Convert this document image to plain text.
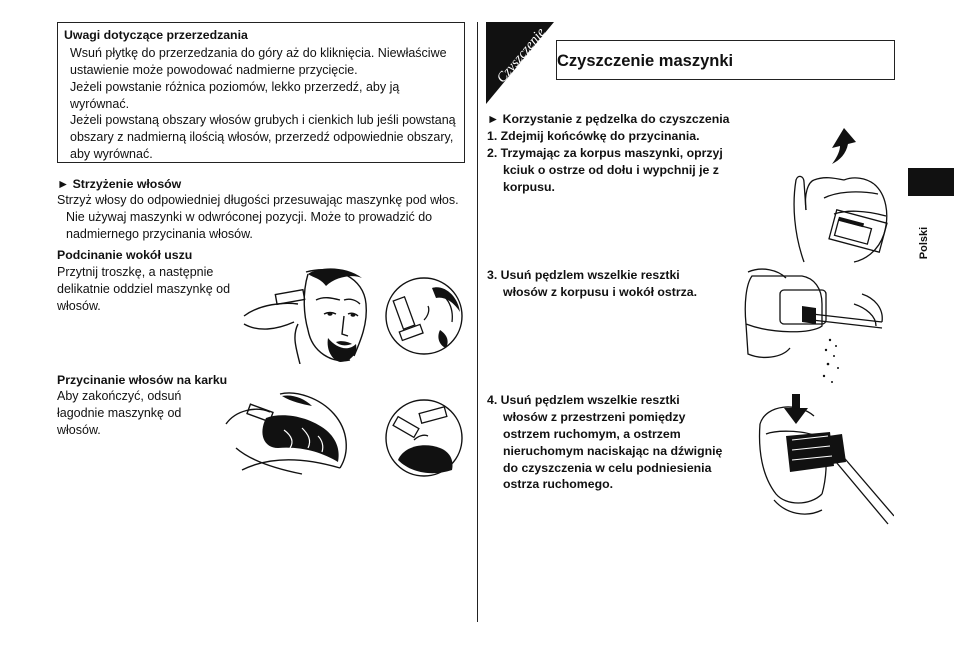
Uwagi dotyczące przerzedzania
Wsuń płytkę do przerzedzania do góry aż do kliknięcia. Niewłaściwe
ustawienie może powodować nadmierne przycięcie.
Jeżeli powstanie różnica poziomów, lekko przerzedź, aby ją
wyrównać.
Jeżeli powstaną obszary włosów grubych i cienkich lub jeśli powstaną
obszary z nadmierną ilością włosów, przerzedź odpowiednie obszary,
aby wyrównać.
► Strzyżenie włosów
Strzyż włosy do odpowiedniej długości przesuwając maszynkę pod włos.
Nie używaj maszynki w odwróconej pozycji. Może to prowadzić do
nadmiernego przycinania włosów.
Podcinanie wokół uszu
Przytnij troszkę, a następnie
delikatnie oddziel maszynkę od
włosów.
Przycinanie włosów na karku
Aby zakończyć, odsuń
łagodnie maszynkę od
włosów.
Czyszczenie Czyszczenie maszynki
► Korzystanie z pędzelka do czyszczenia
1. Zdejmij końcówkę do przycinania.
2. Trzymając za korpus maszynki, oprzyj
kciuk o ostrze od dołu i wypchnij je z
korpusu.
3. Usuń pędzlem wszelkie resztki
włosów z korpusu i wokół ostrza.
4. Usuń pędzlem wszelkie resztki
włosów z przestrzeni pomiędzy
ostrzem ruchomym, a ostrzem
nieruchomym naciskając na dźwignię
do czyszczenia w celu podniesienia
ostrza ruchomego.
Polski
